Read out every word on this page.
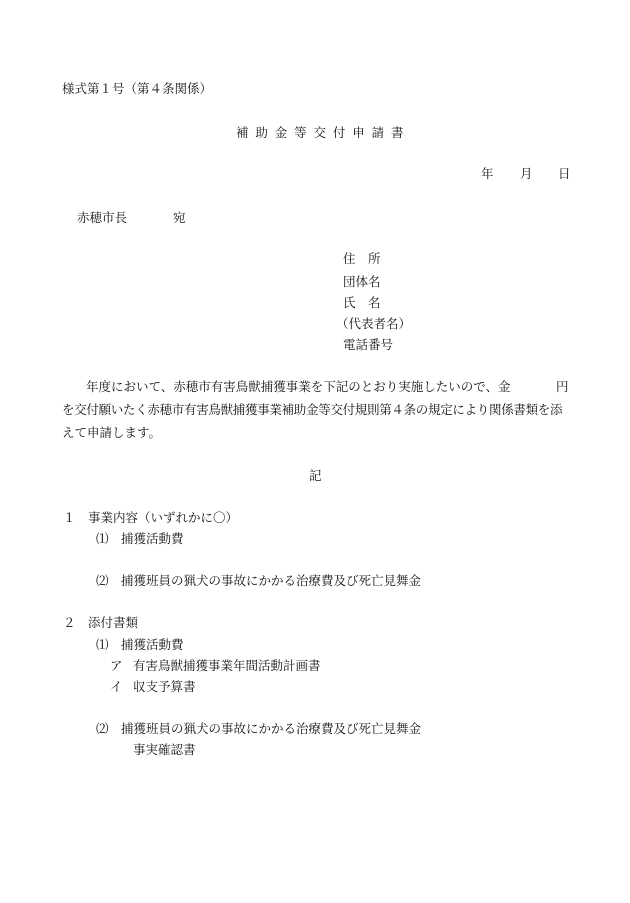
様式第１号（第４条関係）
補助金等交付申請書
年 月 日
赤穂市長	宛
住　所
団体名
氏　名
（代表者名）
電話番号
年度において、赤穂市有害鳥獣捕獲事業を下記のとおり実施したいので、金	円
を交付願いたく赤穂市有害鳥獣捕獲事業補助金等交付規則第４条の規定により関係書類を添
えて申請します。
記
１ 事業内容（いずれかに〇）
⑴ 捕獲活動費
⑵ 捕獲班員の猟犬の事故にかかる治療費及び死亡見舞金
２ 添付書類
⑴ 捕獲活動費
ア 有害鳥獣捕獲事業年間活動計画書
イ 収支予算書
⑵ 捕獲班員の猟犬の事故にかかる治療費及び死亡見舞金
事実確認書
